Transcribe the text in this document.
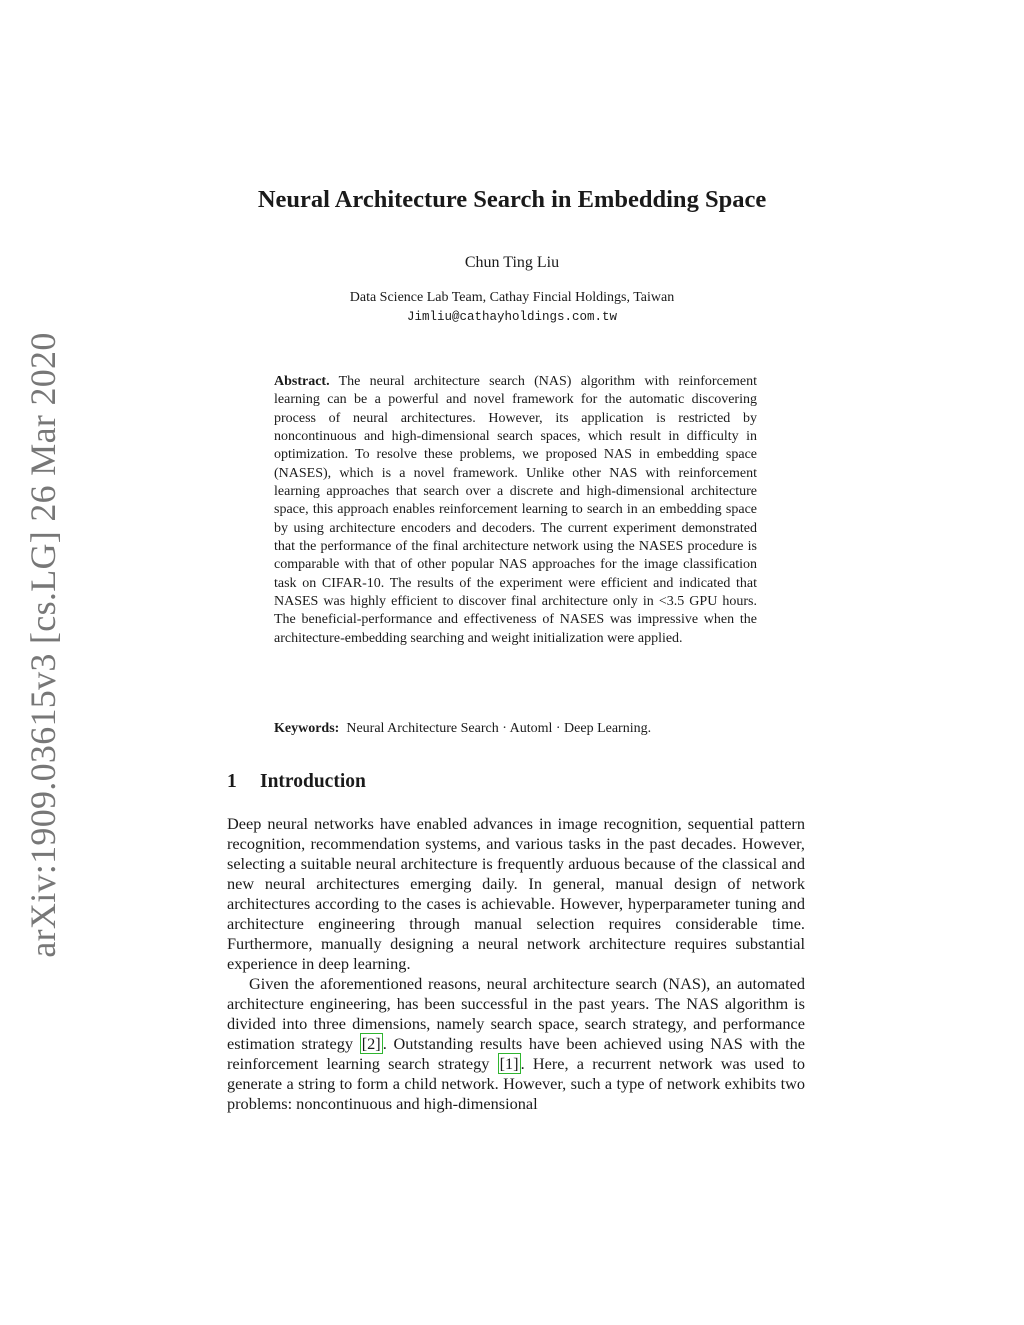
arXiv:1909.03615v3 [cs.LG] 26 Mar 2020
Neural Architecture Search in Embedding Space
Chun Ting Liu
Data Science Lab Team, Cathay Fincial Holdings, Taiwan
Jimliu@cathayholdings.com.tw

Abstract. The neural architecture search (NAS) algorithm with reinforcement learning can be a powerful and novel framework for the automatic discovering process of neural architectures. However, its application is restricted by noncontinuous and high-dimensional search spaces, which result in difficulty in optimization. To resolve these problems, we proposed NAS in embedding space (NASES), which is a novel framework. Unlike other NAS with reinforcement learning approaches that search over a discrete and high-dimensional architecture space, this approach enables reinforcement learning to search in an embedding space by using architecture encoders and decoders. The current experiment demonstrated that the performance of the final architecture network using the NASES procedure is comparable with that of other popular NAS approaches for the image classification task on CIFAR-10. The results of the experiment were efficient and indicated that NASES was highly efficient to discover final architecture only in <3.5 GPU hours. The beneficial-performance and effectiveness of NASES was impressive when the architecture-embedding searching and weight initialization were applied.

Keywords: Neural Architecture Search · Automl · Deep Learning.

1 Introduction

Deep neural networks have enabled advances in image recognition, sequential pattern recognition, recommendation systems, and various tasks in the past decades. However, selecting a suitable neural architecture is frequently arduous because of the classical and new neural architectures emerging daily. In general, manual design of network architectures according to the cases is achievable. However, hyperparameter tuning and architecture engineering through manual selection requires considerable time. Furthermore, manually designing a neural network architecture requires substantial experience in deep learning.

Given the aforementioned reasons, neural architecture search (NAS), an automated architecture engineering, has been successful in the past years. The NAS algorithm is divided into three dimensions, namely search space, search strategy, and performance estimation strategy [2] . Outstanding results have been achieved using NAS with the reinforcement learning search strategy [1] . Here, a recurrent network was used to generate a string to form a child network. However, such a type of network exhibits two problems: noncontinuous and high-dimensional
